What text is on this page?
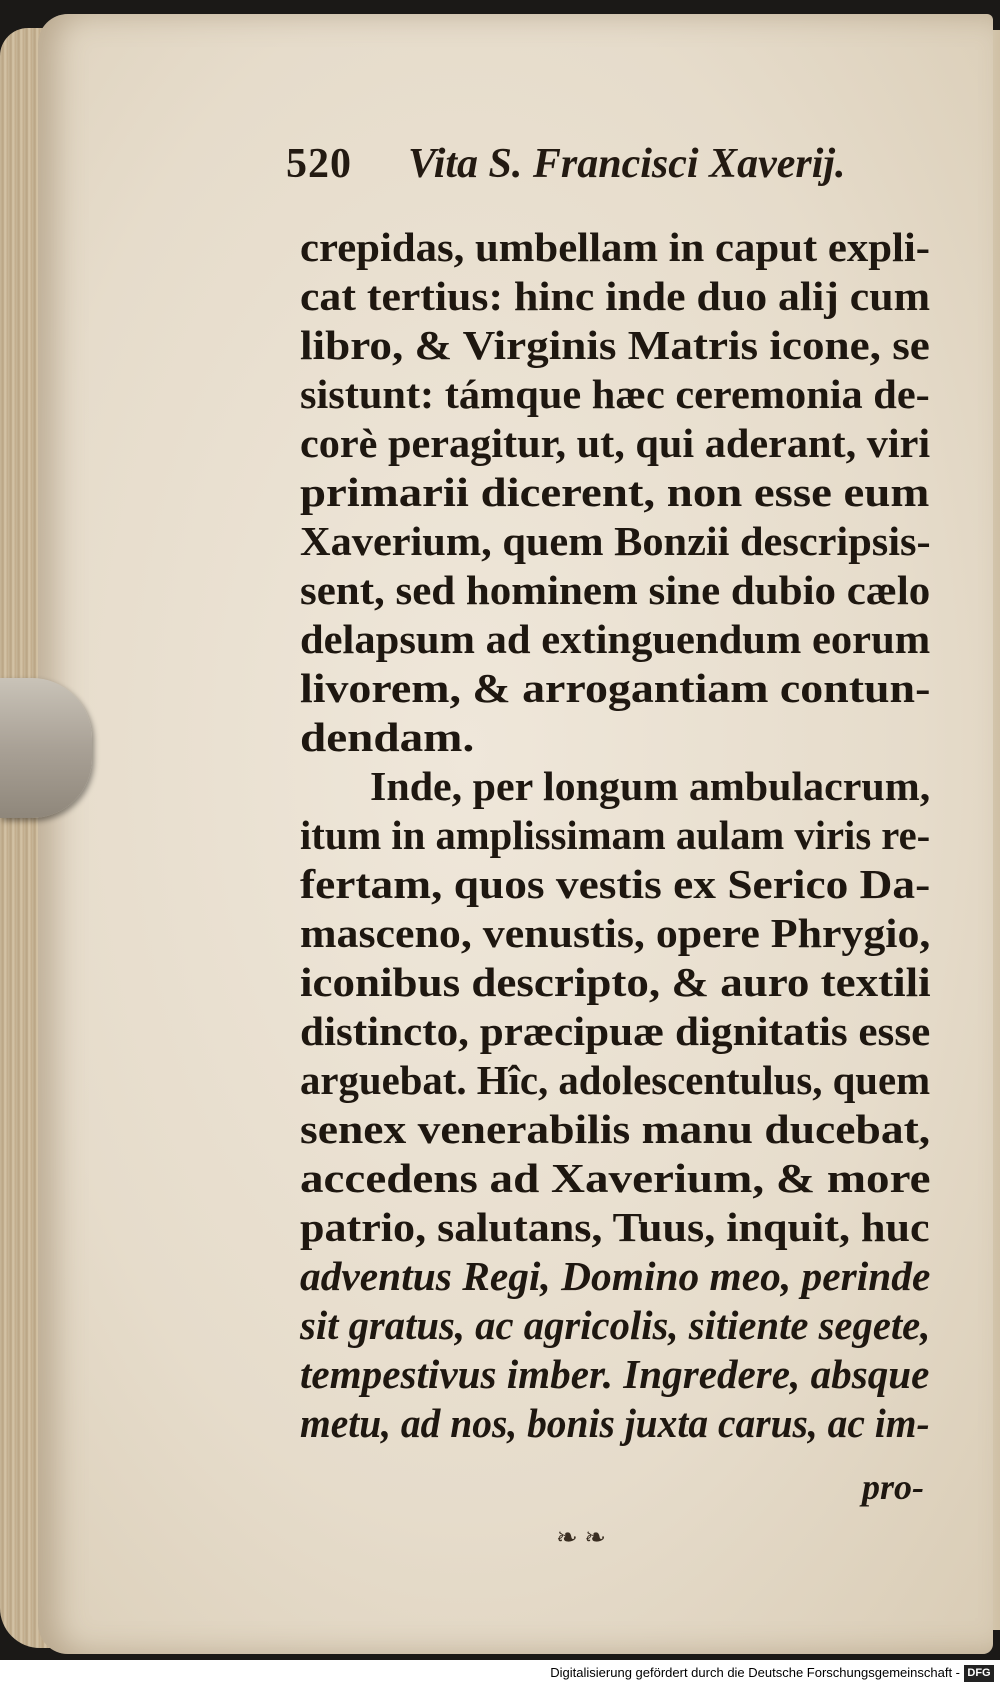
520 Vita S. Francisci Xaverij.
crepidas, umbellam in caput expli-
cat tertius: hinc inde duo alij cum
libro, & Virginis Matris icone, se
sistunt: támque hæc ceremonia de-
corè peragitur, ut, qui aderant, viri
primarii dicerent, non esse eum
Xaverium, quem Bonzii descripsis-
sent, sed hominem sine dubio cælo
delapsum ad extinguendum eorum
livorem, & arrogantiam contun-
dendam.
Inde, per longum ambulacrum,
itum in amplissimam aulam viris re-
fertam, quos vestis ex Serico Da-
masceno, venustis, opere Phrygio,
iconibus descripto, & auro textili
distincto, præcipuæ dignitatis esse
arguebat. Hîc, adolescentulus, quem
senex venerabilis manu ducebat,
accedens ad Xaverium, & more
patrio, salutans, Tuus, inquit, huc
adventus Regi, Domino meo, perinde
sit gratus, ac agricolis, sitiente segete,
tempestivus imber. Ingredere, absque
metu, ad nos, bonis juxta carus, ac im-
pro-
❧ ❧
Digitalisierung gefördert durch die Deutsche Forschungsgemeinschaft - DFG
